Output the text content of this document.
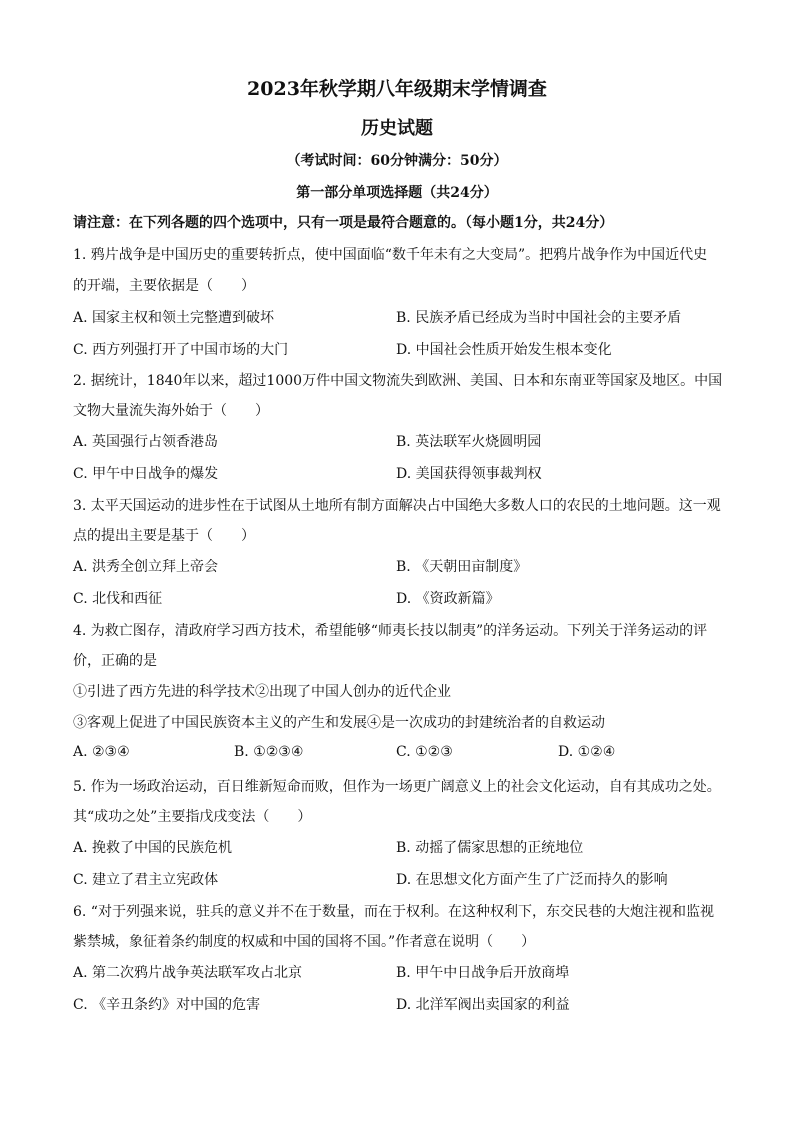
2023年秋学期八年级期末学情调查
历史试题
（考试时间：60分钟满分：50分）
第一部分单项选择题（共24分）
请注意：在下列各题的四个选项中，只有一项是最符合题意的。（每小题1分，共24分）
1. 鸦片战争是中国历史的重要转折点，使中国面临“数千年未有之大变局”。把鸦片战争作为中国近代史
的开端，主要依据是（　　）
A. 国家主权和领土完整遭到破坏	B. 民族矛盾已经成为当时中国社会的主要矛盾
C. 西方列强打开了中国市场的大门	D. 中国社会性质开始发生根本变化
2. 据统计，1840年以来，超过1000万件中国文物流失到欧洲、美国、日本和东南亚等国家及地区。中国
文物大量流失海外始于（　　）
A. 英国强行占领香港岛	B. 英法联军火烧圆明园
C. 甲午中日战争的爆发	D. 美国获得领事裁判权
3. 太平天国运动的进步性在于试图从土地所有制方面解决占中国绝大多数人口的农民的土地问题。这一观
点的提出主要是基于（　　）
A. 洪秀全创立拜上帝会	B. 《天朝田亩制度》
C. 北伐和西征	D. 《资政新篇》
4. 为救亡图存，清政府学习西方技术，希望能够“师夷长技以制夷”的洋务运动。下列关于洋务运动的评
价，正确的是
①引进了西方先进的科学技术②出现了中国人创办的近代企业
③客观上促进了中国民族资本主义的产生和发展④是一次成功的封建统治者的自救运动
A. ②③④	B. ①②③④	C. ①②③	D. ①②④
5. 作为一场政治运动，百日维新短命而败，但作为一场更广阔意义上的社会文化运动，自有其成功之处。
其“成功之处”主要指戊戌变法（　　）
A. 挽救了中国的民族危机	B. 动摇了儒家思想的正统地位
C. 建立了君主立宪政体	D. 在思想文化方面产生了广泛而持久的影响
6. “对于列强来说，驻兵的意义并不在于数量，而在于权利。在这种权利下，东交民巷的大炮注视和监视
紫禁城，象征着条约制度的权威和中国的国将不国。”作者意在说明（　　）
A. 第二次鸦片战争英法联军攻占北京	B. 甲午中日战争后开放商埠
C. 《辛丑条约》对中国的危害	D. 北洋军阀出卖国家的利益
